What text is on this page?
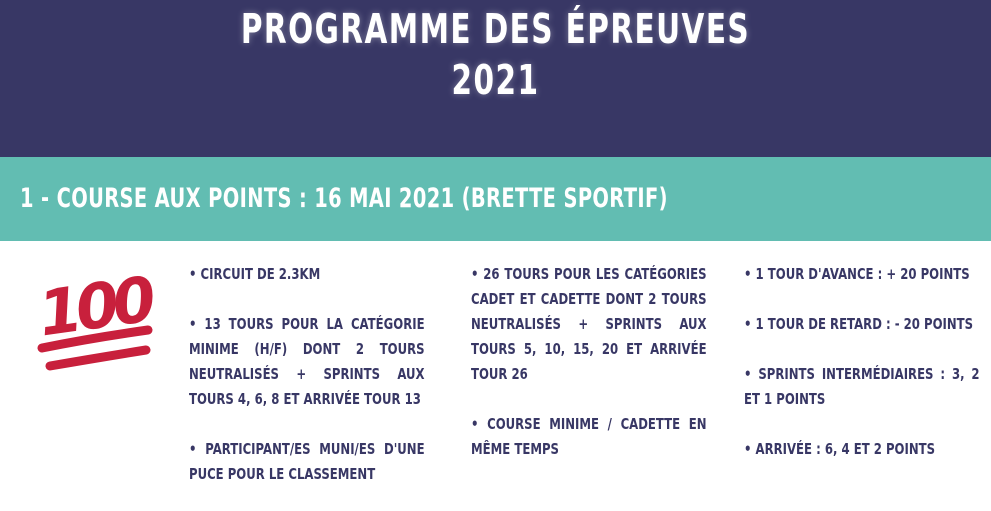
PROGRAMME DES ÉPREUVES
2021
1 - COURSE AUX POINTS : 16 MAI 2021 (BRETTE SPORTIF)
100 • CIRCUIT DE 2.3KM

• 13 TOURS POUR LA CATÉGORIE MINIME (H/F) DONT 2 TOURS NEUTRALISÉS + SPRINTS AUX TOURS 4, 6, 8 ET ARRIVÉE TOUR 13

• PARTICIPANT/ES MUNI/ES D'UNE PUCE POUR LE CLASSEMENT

• 26 TOURS POUR LES CATÉGORIES CADET ET CADETTE DONT 2 TOURS NEUTRALISÉS + SPRINTS AUX TOURS 5, 10, 15, 20 ET ARRIVÉE TOUR 26

• COURSE MINIME / CADETTE EN MÊME TEMPS

• 1 TOUR D'AVANCE : + 20 POINTS

• 1 TOUR DE RETARD : - 20 POINTS

• SPRINTS INTERMÉDIAIRES : 3, 2 ET 1 POINTS

• ARRIVÉE : 6, 4 ET 2 POINTS
